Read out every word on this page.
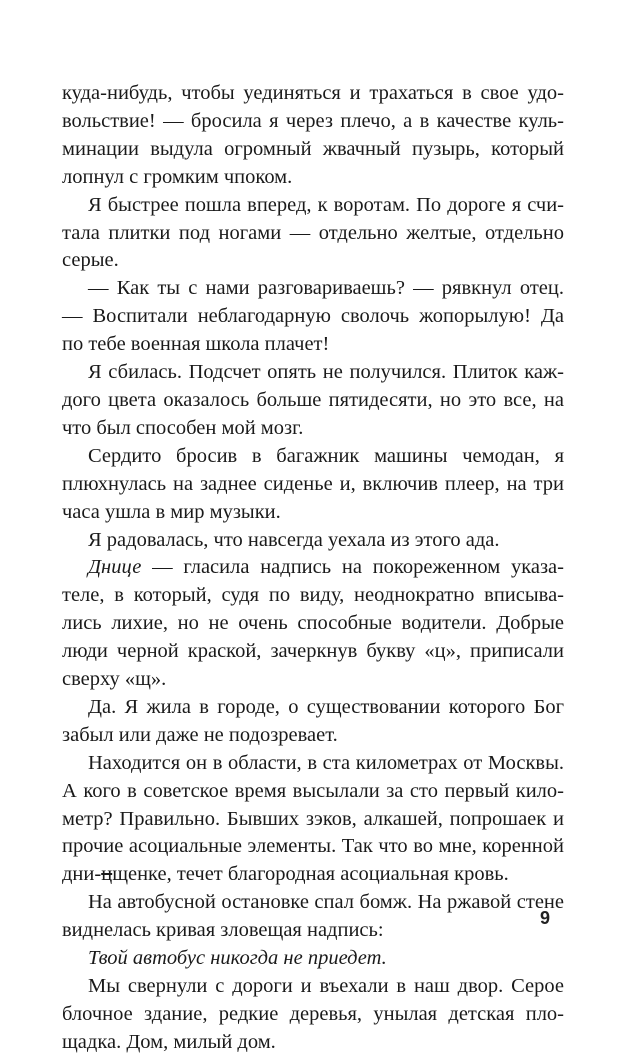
куда-нибудь, чтобы уединяться и трахаться в свое удовольствие! — бросила я через плечо, а в качестве кульминации выдула огромный жвачный пузырь, который лопнул с громким чпоком.

Я быстрее пошла вперед, к воротам. По дороге я считала плитки под ногами — отдельно желтые, отдельно серые.

— Как ты с нами разговариваешь? — рявкнул отец. — Воспитали неблагодарную сволочь жопорылую! Да по тебе военная школа плачет!

Я сбилась. Подсчет опять не получился. Плиток каждого цвета оказалось больше пятидесяти, но это все, на что был способен мой мозг.

Сердито бросив в багажник машины чемодан, я плюхнулась на заднее сиденье и, включив плеер, на три часа ушла в мир музыки.

Я радовалась, что навсегда уехала из этого ада.

Днице — гласила надпись на покореженном указателе, в который, судя по виду, неоднократно вписывались лихие, но не очень способные водители. Добрые люди черной краской, зачеркнув букву «ц», приписали сверху «щ».

Да. Я жила в городе, о существовании которого Бог забыл или даже не подозревает.

Находится он в области, в ста километрах от Москвы. А кого в советское время высылали за сто первый километр? Правильно. Бывших зэков, алкашей, попрошаек и прочие асоциальные элементы. Так что во мне, коренной дни-цщенке, течет благородная асоциальная кровь.

На автобусной остановке спал бомж. На ржавой стене виднелась кривая зловещая надпись:

Твой автобус никогда не приедет.

Мы свернули с дороги и въехали в наш двор. Серое блочное здание, редкие деревья, унылая детская площадка. Дом, милый дом.

9
